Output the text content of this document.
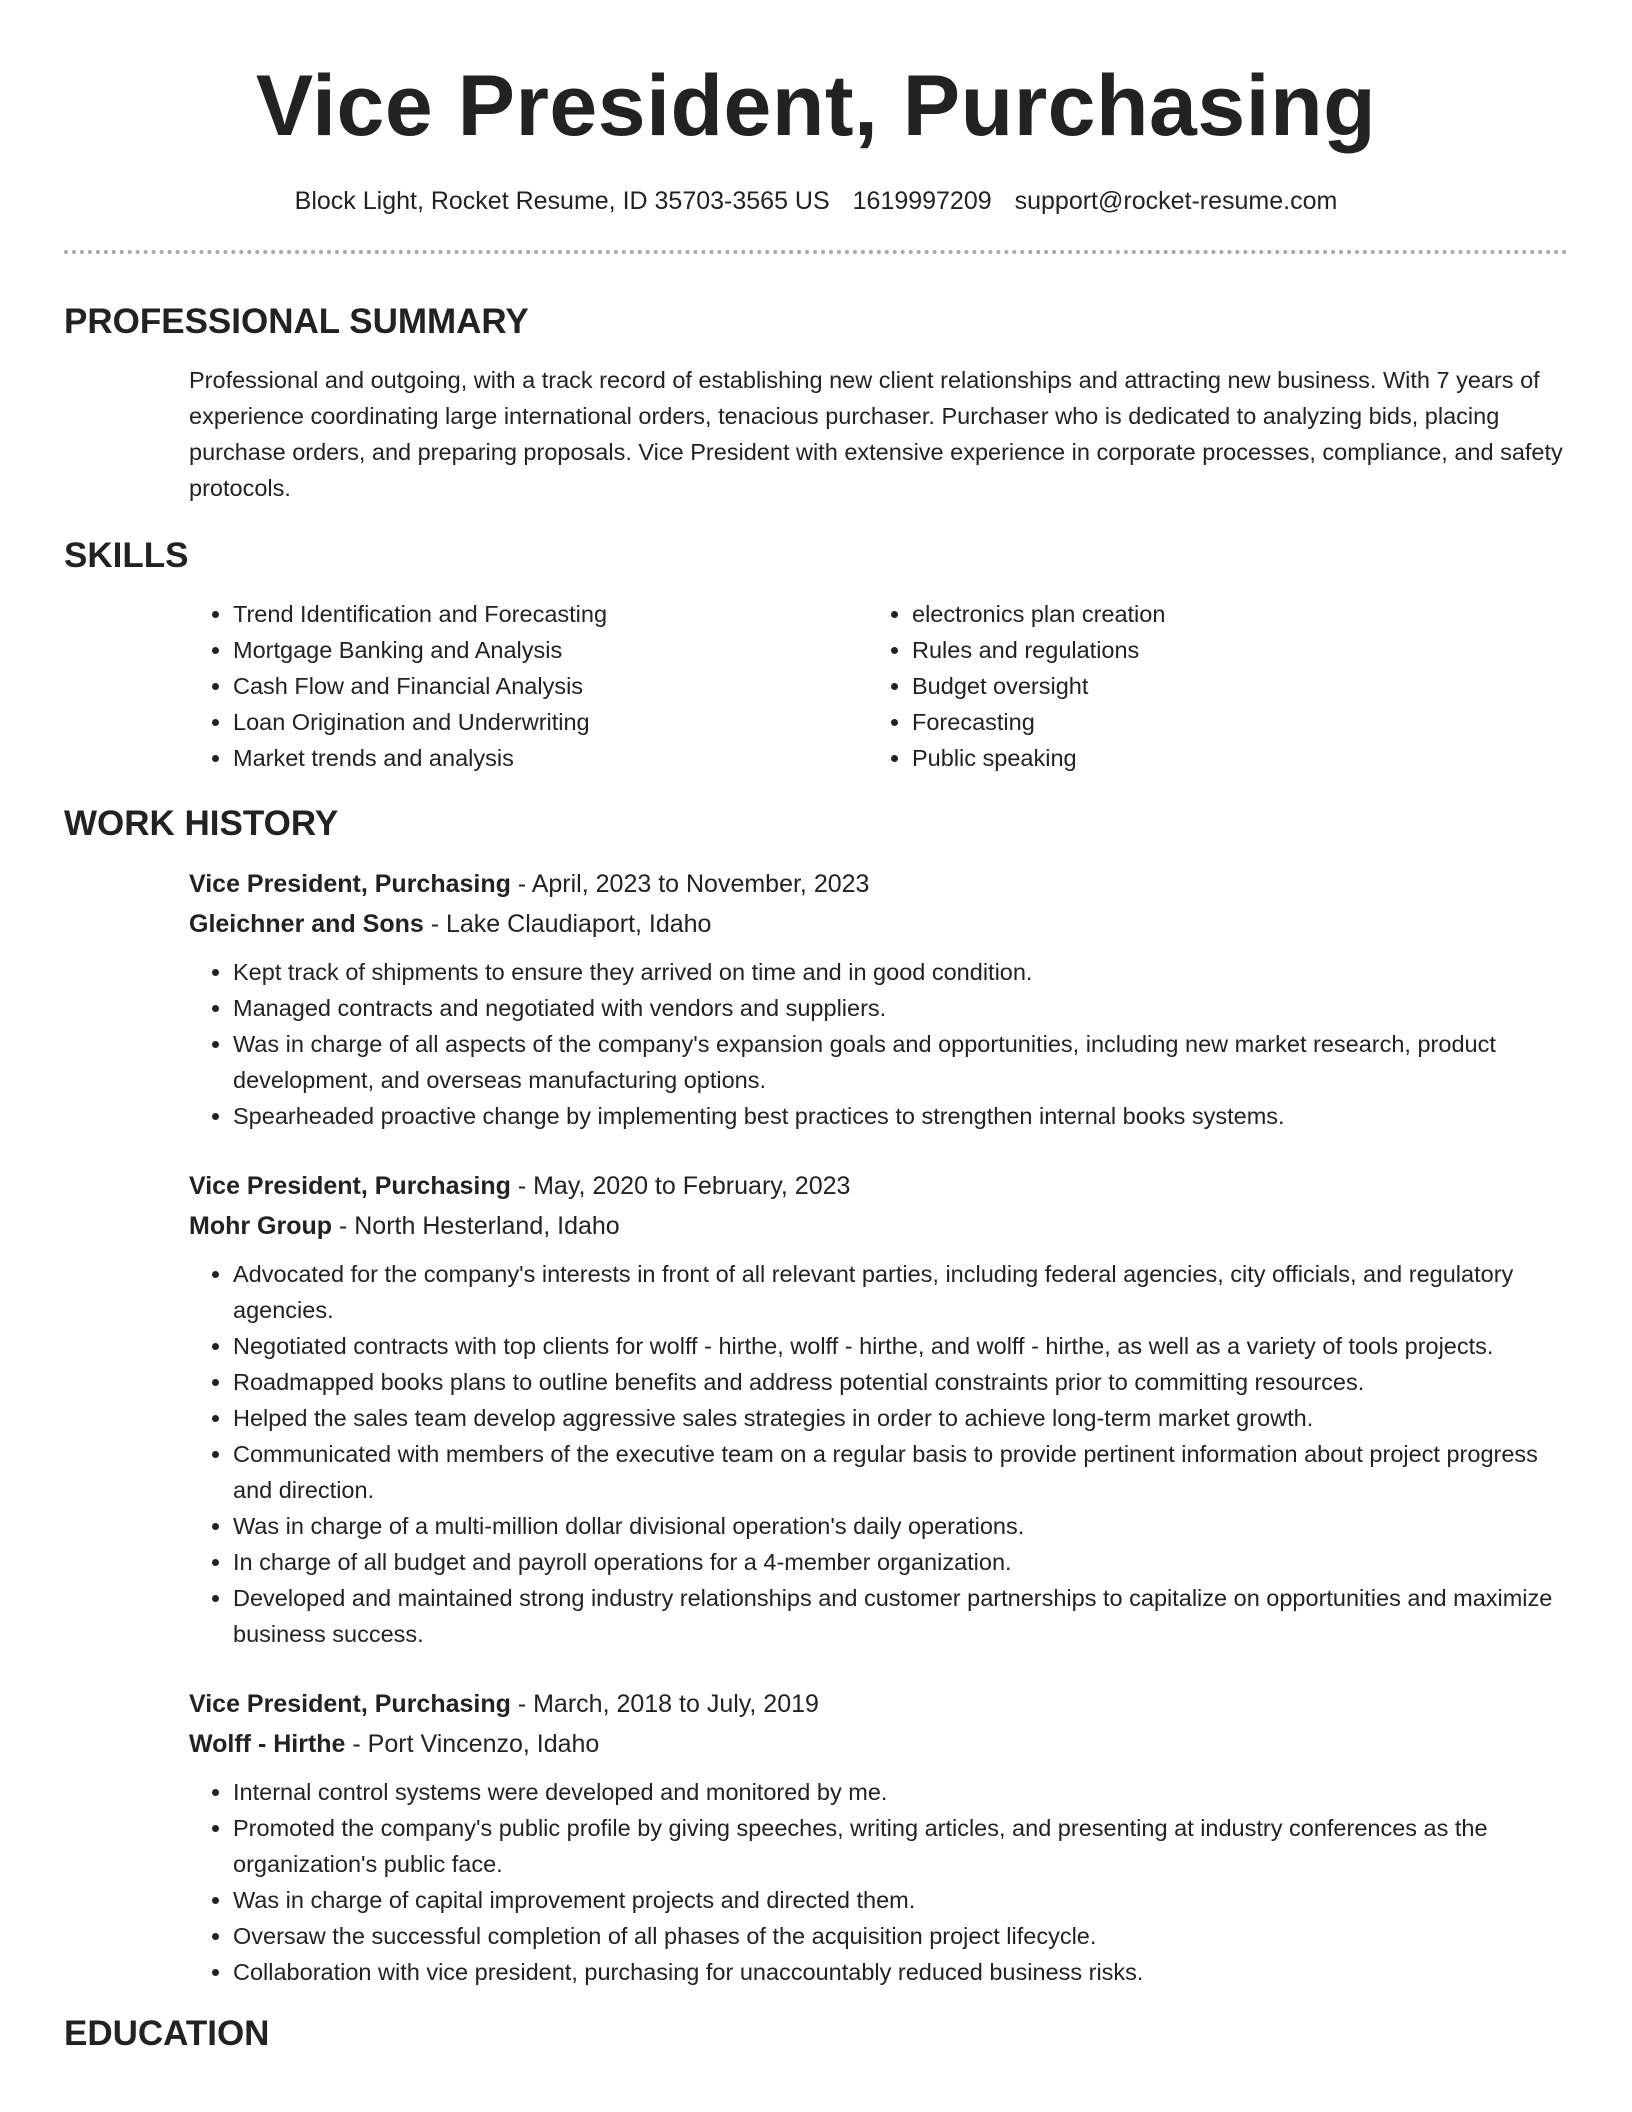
Vice President, Purchasing
Block Light, Rocket Resume, ID 35703-3565 US 1619997209 support@rocket-resume.com
PROFESSIONAL SUMMARY
Professional and outgoing, with a track record of establishing new client relationships and attracting new business. With 7 years of experience coordinating large international orders, tenacious purchaser. Purchaser who is dedicated to analyzing bids, placing purchase orders, and preparing proposals. Vice President with extensive experience in corporate processes, compliance, and safety protocols.
SKILLS
• Trend Identification and Forecasting
• Mortgage Banking and Analysis
• Cash Flow and Financial Analysis
• Loan Origination and Underwriting
• Market trends and analysis
• electronics plan creation
• Rules and regulations
• Budget oversight
• Forecasting
• Public speaking
WORK HISTORY
Vice President, Purchasing - April, 2023 to November, 2023
Gleichner and Sons - Lake Claudiaport, Idaho
• Kept track of shipments to ensure they arrived on time and in good condition.
• Managed contracts and negotiated with vendors and suppliers.
• Was in charge of all aspects of the company's expansion goals and opportunities, including new market research, product development, and overseas manufacturing options.
• Spearheaded proactive change by implementing best practices to strengthen internal books systems.
Vice President, Purchasing - May, 2020 to February, 2023
Mohr Group - North Hesterland, Idaho
• Advocated for the company's interests in front of all relevant parties, including federal agencies, city officials, and regulatory agencies.
• Negotiated contracts with top clients for wolff - hirthe, wolff - hirthe, and wolff - hirthe, as well as a variety of tools projects.
• Roadmapped books plans to outline benefits and address potential constraints prior to committing resources.
• Helped the sales team develop aggressive sales strategies in order to achieve long-term market growth.
• Communicated with members of the executive team on a regular basis to provide pertinent information about project progress and direction.
• Was in charge of a multi-million dollar divisional operation's daily operations.
• In charge of all budget and payroll operations for a 4-member organization.
• Developed and maintained strong industry relationships and customer partnerships to capitalize on opportunities and maximize business success.
Vice President, Purchasing - March, 2018 to July, 2019
Wolff - Hirthe - Port Vincenzo, Idaho
• Internal control systems were developed and monitored by me.
• Promoted the company's public profile by giving speeches, writing articles, and presenting at industry conferences as the organization's public face.
• Was in charge of capital improvement projects and directed them.
• Oversaw the successful completion of all phases of the acquisition project lifecycle.
• Collaboration with vice president, purchasing for unaccountably reduced business risks.
EDUCATION
